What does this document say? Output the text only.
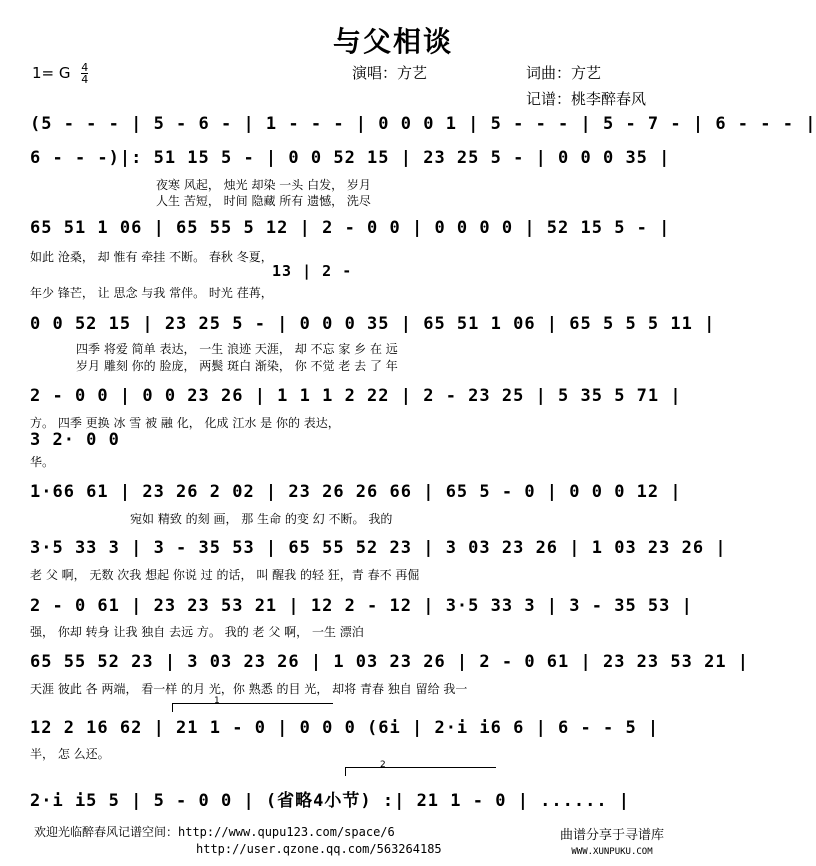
与父相谈
1= G $\frac{4}{4}$	演唱：方艺	词曲：方艺
记谱：桃李醉春风
(5 - - - | 5 - 6 - | 1 - - - | 0 0 0 1 | 5 - - - | 5 - 7 - | 6 - - - |
6 - - -)|: 51 15 5 - | 0 0 52 15 | 23 25 5 - | 0 0 0 35 |
夜寒 风起， 烛光 却染 一头 白发， 岁月
人生 苦短， 时间 隐藏 所有 遗憾， 洗尽
65 51 1 06 | 65 55 5 12 | 2 - 0 0 | 0 0 0 0 | 52 15 5 - |
如此 沧桑， 却 惟有 牵挂 不断。 春秋 冬夏，
13 | 2 -
年少 锋芒， 让 思念 与我 常伴。 时光 荏苒，
0 0 52 15 | 23 25 5 - | 0 0 0 35 | 65 51 1 06 | 65 5 5 5 11 |
四季 将爱 简单 表达， 一生 浪迹 天涯， 却 不忘 家 乡 在 远
岁月 雕刻 你的 脸庞， 两鬓 斑白 渐染， 你 不觉 老 去 了 年
2 - 0 0 | 0 0 23 26 | 1 1 1 2 22 | 2 - 23 25 | 5 35 5 71 |
方。 四季 更换 冰 雪 被 融 化， 化成 江水 是 你的 表达，
3 2· 0 0
华。
1·66 61 | 23 26 2 02 | 23 26 26 66 | 65 5 - 0 | 0 0 0 12 |
宛如 精致 的刻 画， 那 生命 的变 幻 不断。 我的
3·5 33 3 | 3 - 35 53 | 65 55 52 23 | 3 03 23 26 | 1 03 23 26 |
老 父 啊， 无数 次我 想起 你说 过 的话， 叫 醒我 的轻 狂，青 春不 再倔
2 - 0 61 | 23 23 53 21 | 12 2 - 12 | 3·5 33 3 | 3 - 35 53 |
强， 你却 转身 让我 独自 去远 方。 我的 老 父 啊， 一生 漂泊
65 55 52 23 | 3 03 23 26 | 1 03 23 26 | 2 - 0 61 | 23 23 53 21 |
天涯 彼此 各 两端， 看一样 的月 光，你 熟悉 的目 光， 却将 青春 独自 留给 我一
1
12 2 16 62 | 21 1 - 0 | 0 0 0 (6i | 2·i i6 6 | 6 - - 5 |
半， 怎 么还。
2
2·i i5 5 | 5 - 0 0 | (省略4小节) :| 21 1 - 0 | ...... |
欢迎光临醉春风记谱空间：http://www.qupu123.com/space/6
http://user.qzone.qq.com/563264185
曲谱分享于寻谱库
WWW.XUNPUKU.COM
